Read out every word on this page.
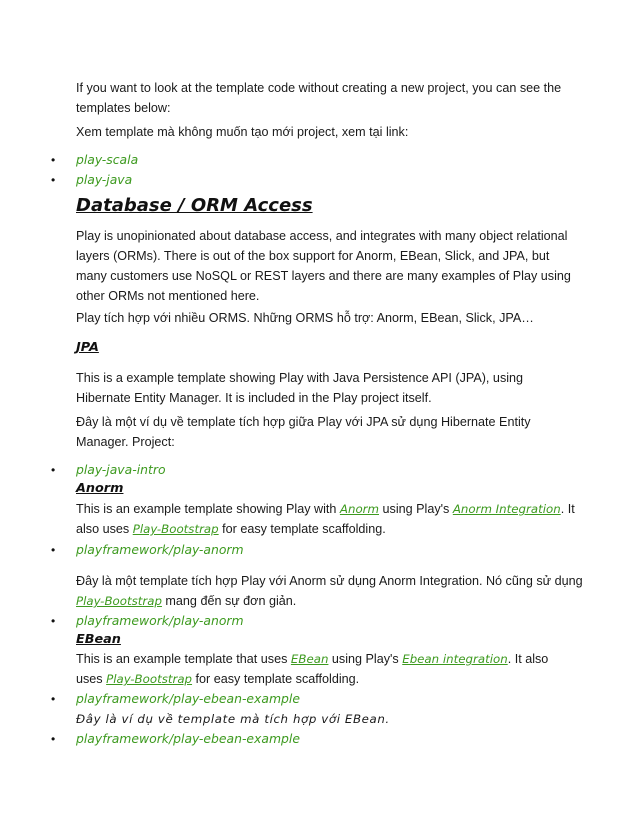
If you want to look at the template code without creating a new project, you can see the templates below:

Xem template mà không muốn tạo mới project, xem tại link:

• play-scala
• play-java
Database / ORM Access

Play is unopinionated about database access, and integrates with many object relational layers (ORMs). There is out of the box support for Anorm, EBean, Slick, and JPA, but many customers use NoSQL or REST layers and there are many examples of Play using other ORMs not mentioned here.

Play tích hợp với nhiều ORMS. Những ORMS hỗ trợ: Anorm, EBean, Slick, JPA…

JPA

This is a example template showing Play with Java Persistence API (JPA), using Hibernate Entity Manager. It is included in the Play project itself.

Đây là một ví dụ về template tích hợp giữa Play với JPA sử dụng Hibernate Entity Manager. Project:

• play-java-intro
Anorm

This is an example template showing Play with Anorm using Play's Anorm Integration. It

also uses Play-Bootstrap for easy template scaffolding.

• playframework/play-anorm

Đây là một template tích hợp Play với Anorm sử dụng Anorm Integration. Nó cũng sử dụng

Play-Bootstrap mang đến sự đơn giản.

• playframework/play-anorm
EBean

This is an example template that uses EBean using Play's Ebean integration. It also

uses Play-Bootstrap for easy template scaffolding.

• playframework/play-ebean-example

Đây là ví dụ về template mà tích hợp với EBean.

• playframework/play-ebean-example
